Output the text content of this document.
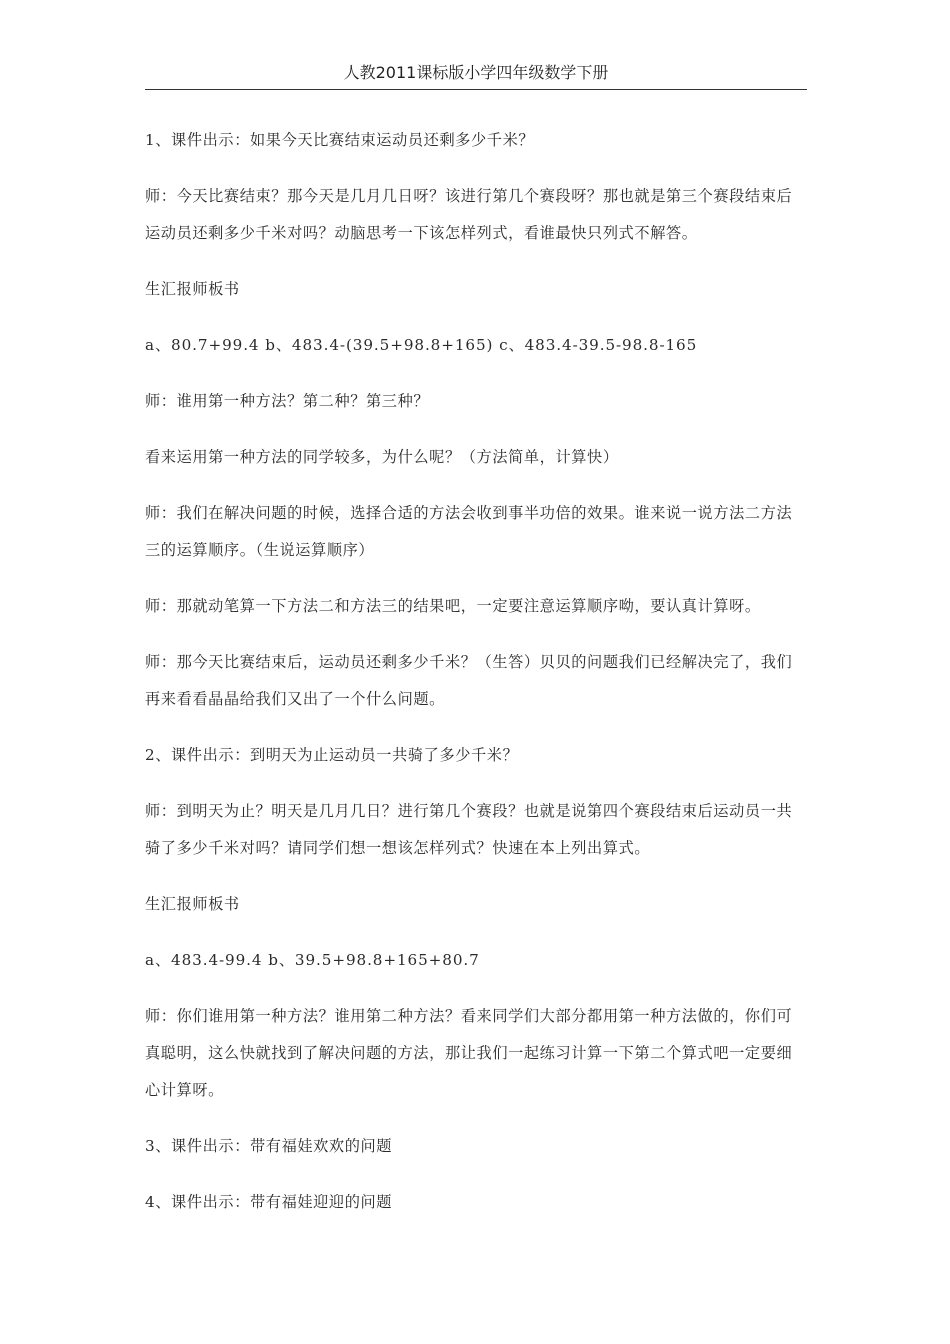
人教2011课标版小学四年级数学下册

1、课件出示：如果今天比赛结束运动员还剩多少千米？

师：今天比赛结束？那今天是几月几日呀？该进行第几个赛段呀？那也就是第三个赛段结束后运动员还剩多少千米对吗？动脑思考一下该怎样列式，看谁最快只列式不解答。

生汇报师板书

a、80.7+99.4 b、483.4-(39.5+98.8+165) c、483.4-39.5-98.8-165

师：谁用第一种方法？第二种？第三种？

看来运用第一种方法的同学较多，为什么呢？（方法简单，计算快）

师：我们在解决问题的时候，选择合适的方法会收到事半功倍的效果。谁来说一说方法二方法三的运算顺序。（生说运算顺序）

师：那就动笔算一下方法二和方法三的结果吧，一定要注意运算顺序呦，要认真计算呀。

师：那今天比赛结束后，运动员还剩多少千米？（生答）贝贝的问题我们已经解决完了，我们再来看看晶晶给我们又出了一个什么问题。

2、课件出示：到明天为止运动员一共骑了多少千米？

师：到明天为止？明天是几月几日？进行第几个赛段？也就是说第四个赛段结束后运动员一共骑了多少千米对吗？请同学们想一想该怎样列式？快速在本上列出算式。

生汇报师板书

a、483.4-99.4 b、39.5+98.8+165+80.7

师：你们谁用第一种方法？谁用第二种方法？看来同学们大部分都用第一种方法做的，你们可真聪明，这么快就找到了解决问题的方法，那让我们一起练习计算一下第二个算式吧一定要细心计算呀。

3、课件出示：带有福娃欢欢的问题

4、课件出示：带有福娃迎迎的问题
